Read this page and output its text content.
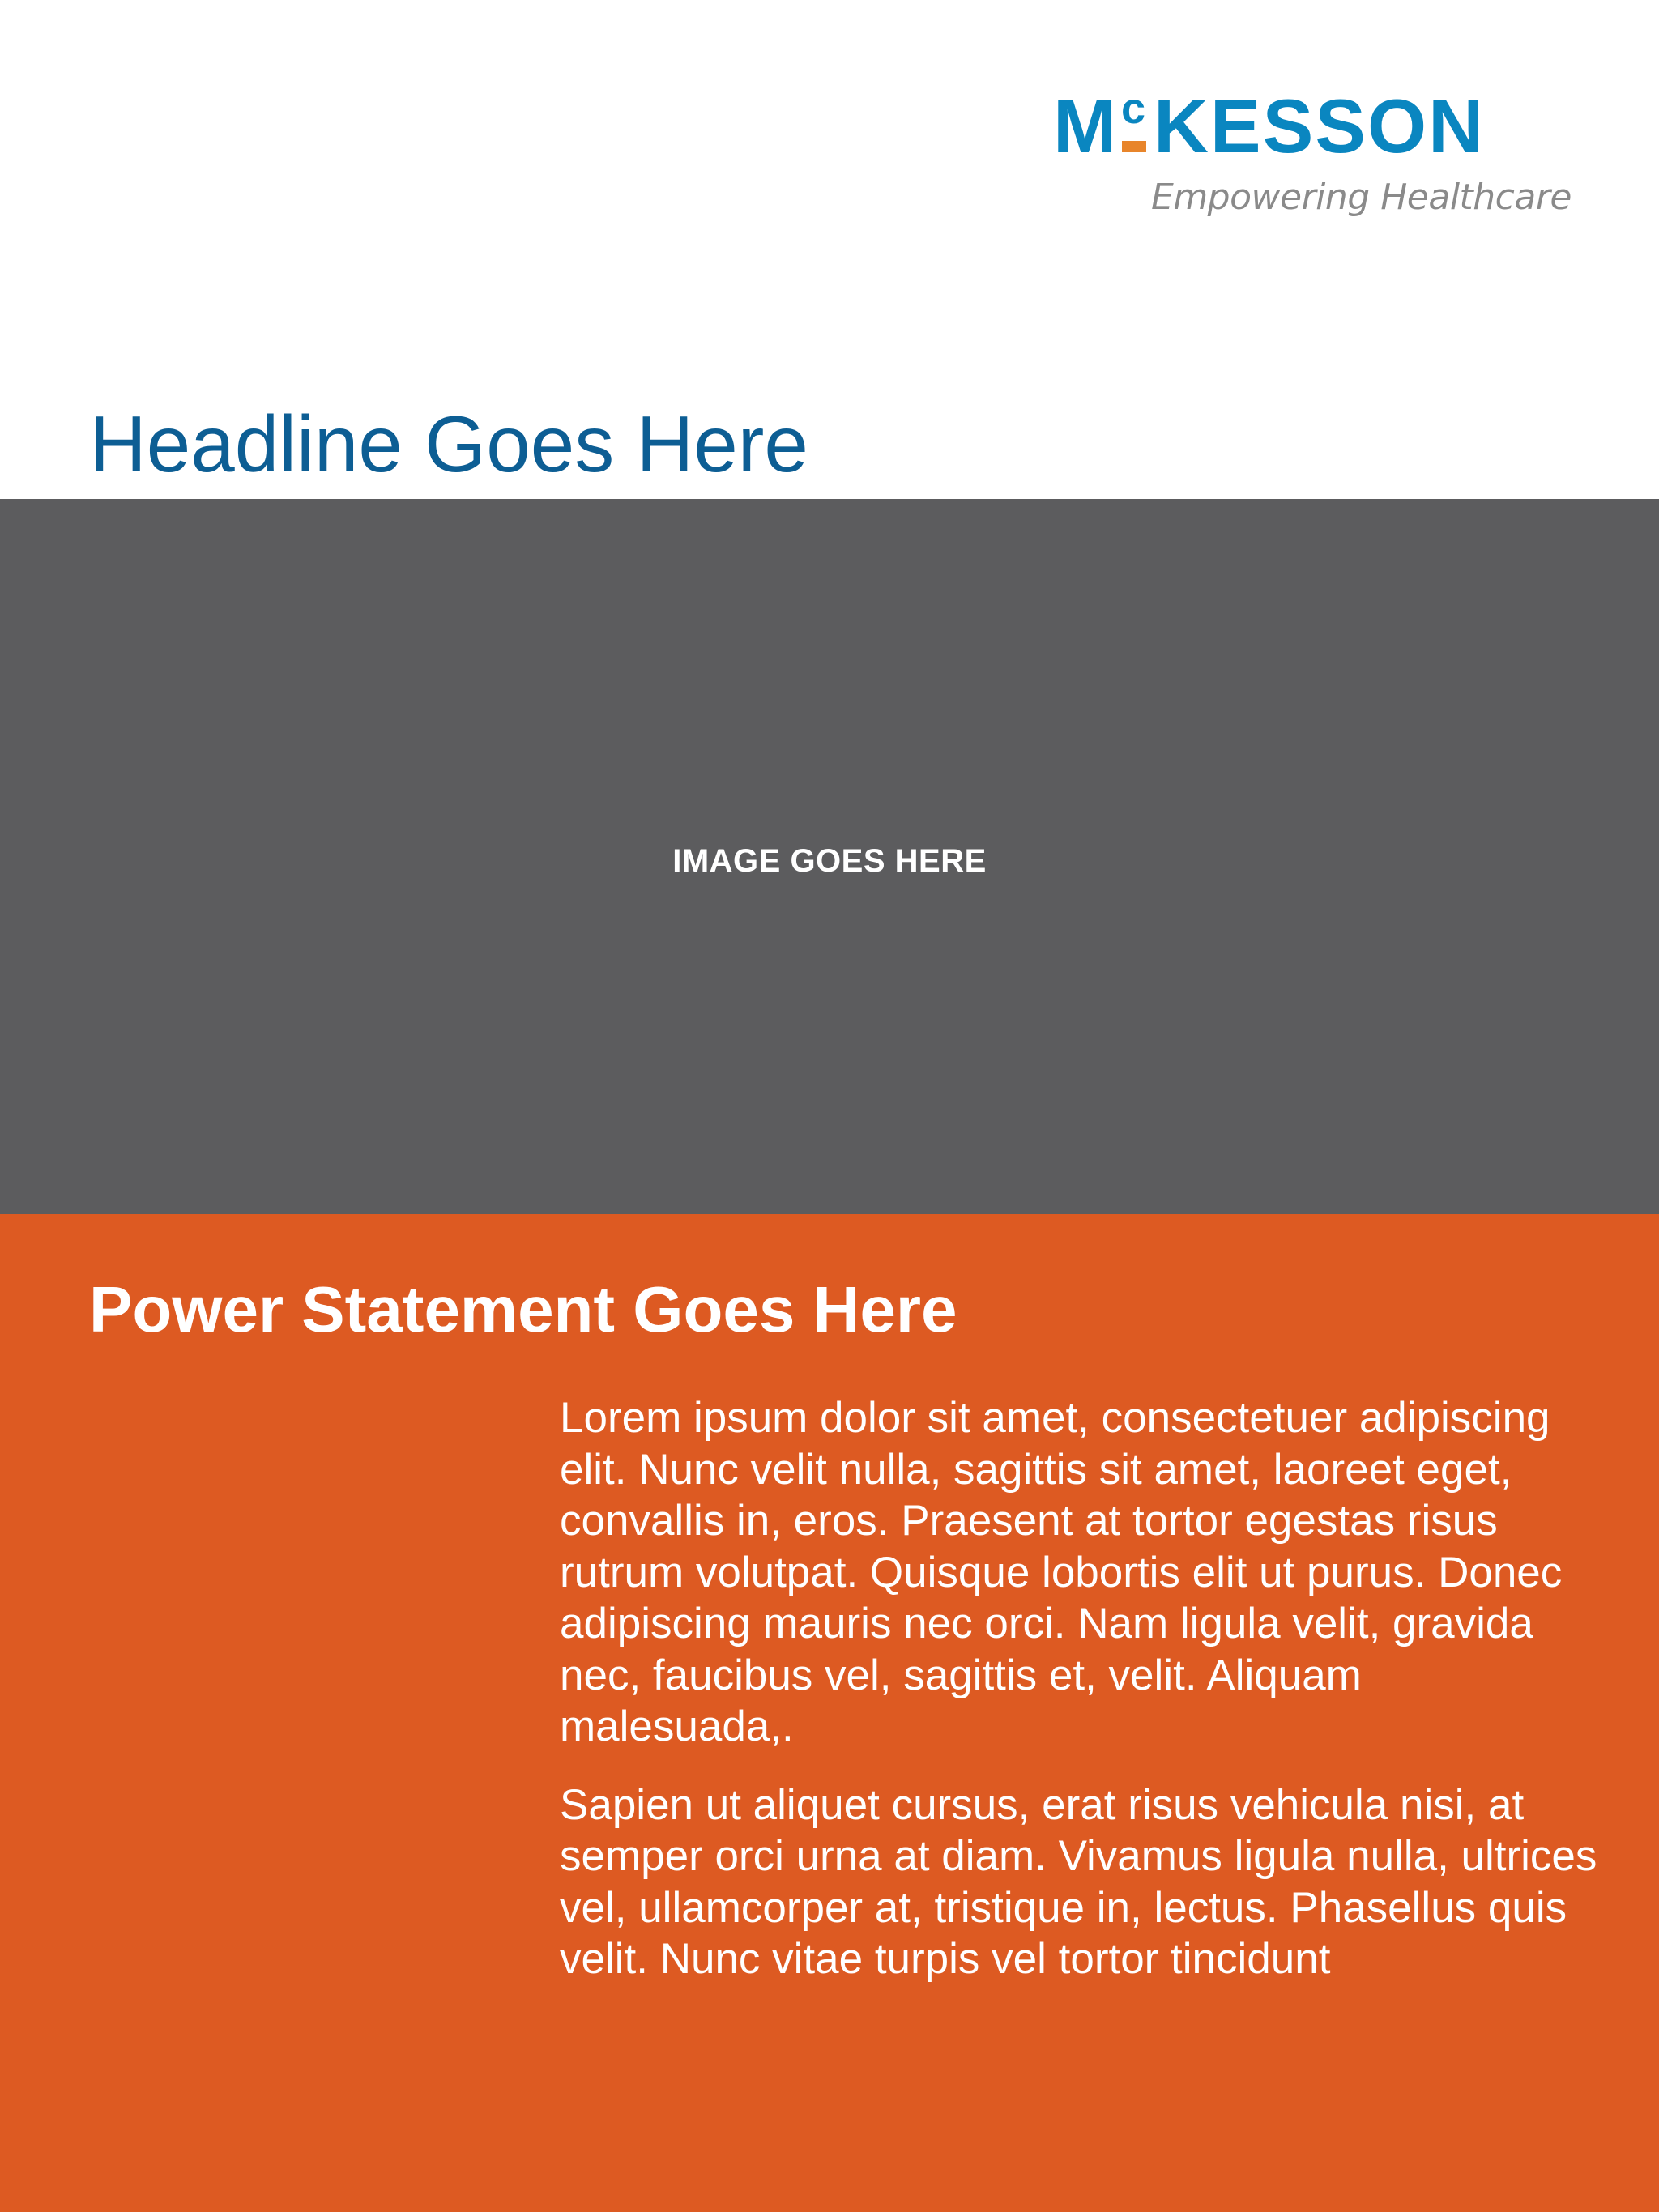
M c KESSON
Empowering Healthcare
Headline Goes Here
IMAGE GOES HERE
Power Statement Goes Here

Lorem ipsum dolor sit amet, consectetuer adipiscing elit. Nunc velit nulla, sagittis sit amet, laoreet eget, convallis in, eros. Praesent at tortor egestas risus rutrum volutpat. Quisque lobortis elit ut purus. Donec adipiscing mauris nec orci. Nam ligula velit, gravida nec, faucibus vel, sagittis et, velit. Aliquam malesuada,.

Sapien ut aliquet cursus, erat risus vehicula nisi, at semper orci urna at diam. Vivamus ligula nulla, ultrices vel, ullamcorper at, tristique in, lectus. Phasellus quis velit. Nunc vitae turpis vel tortor tincidunt
